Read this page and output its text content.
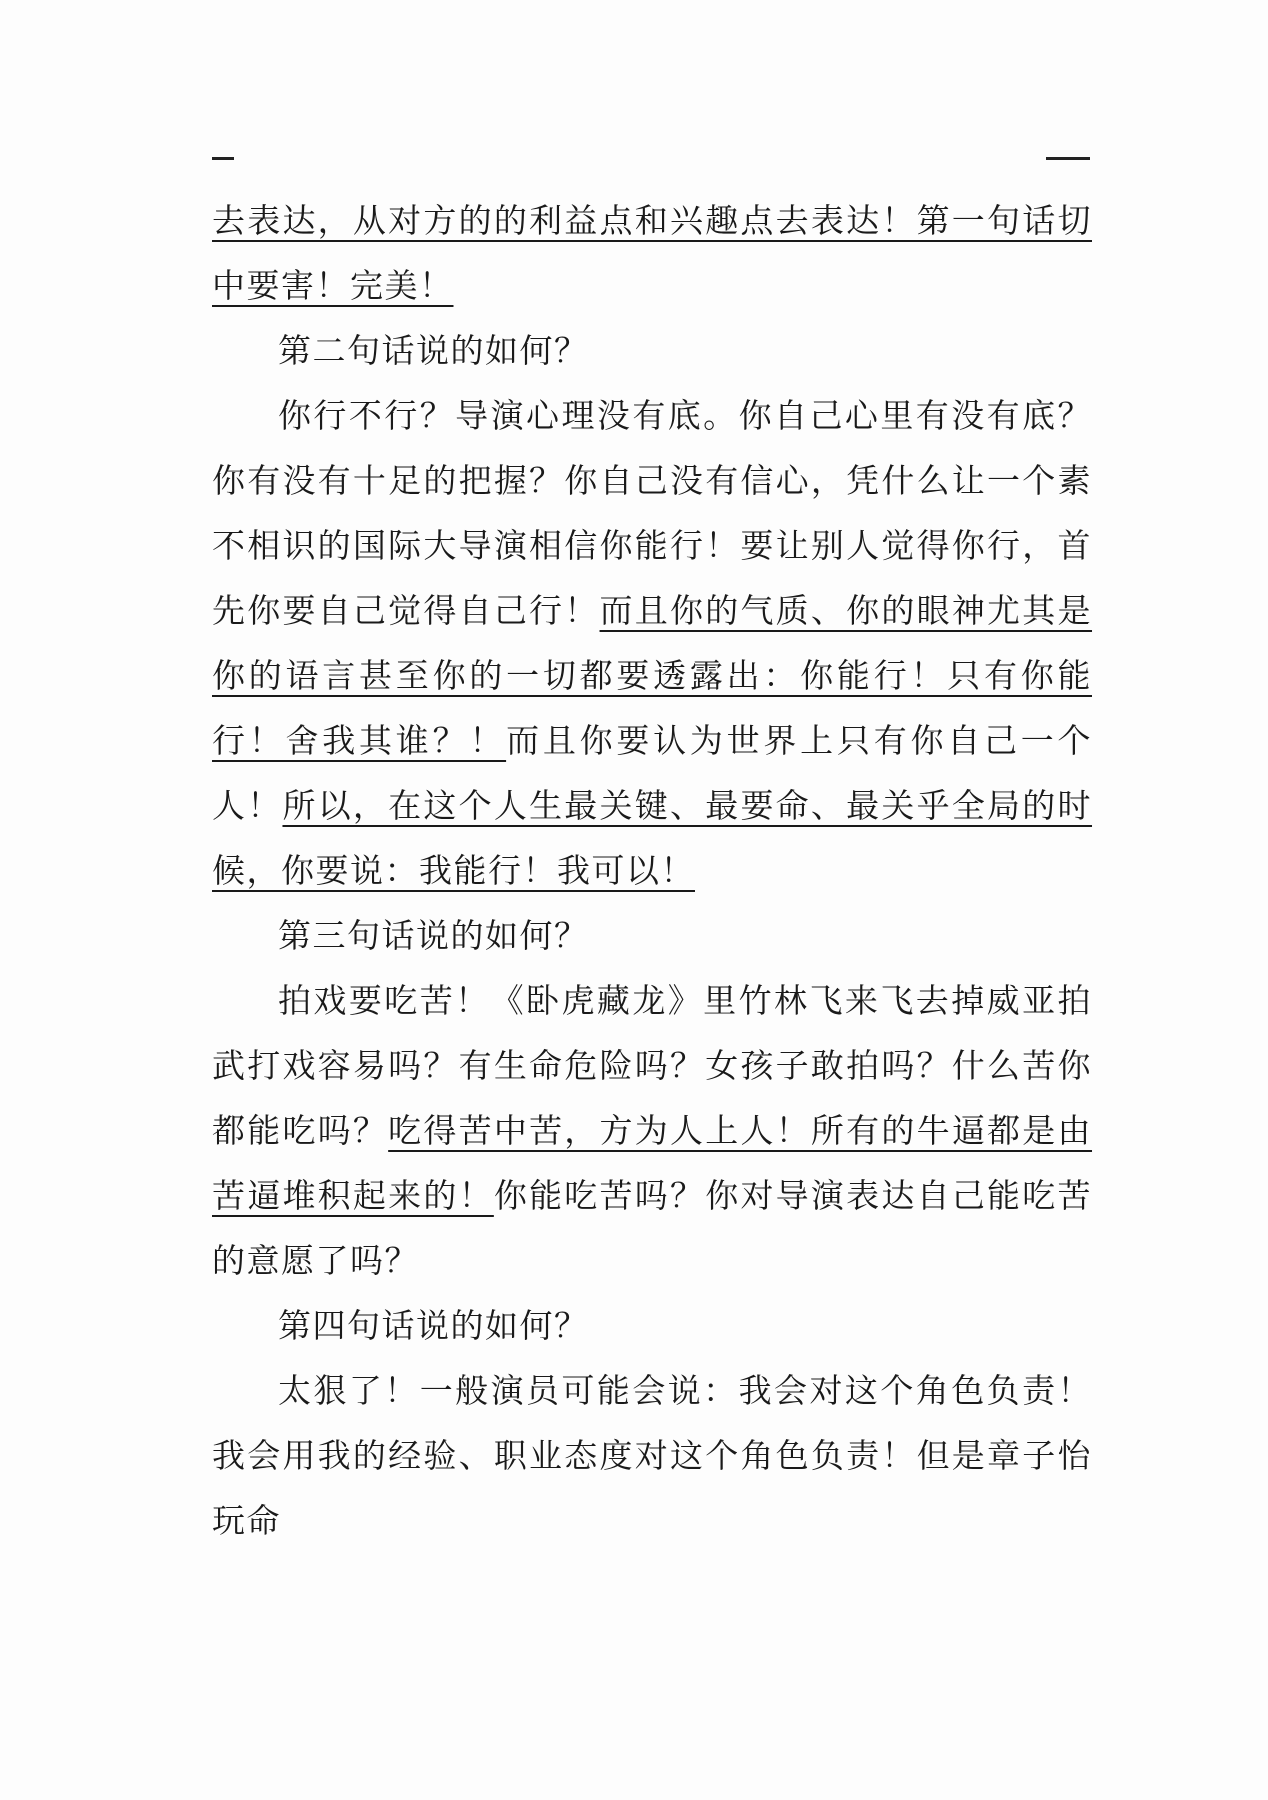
去表达，从对方的的利益点和兴趣点去表达！第一句话切中要害！完美！

第二句话说的如何？

你行不行？导演心理没有底。你自己心里有没有底？你有没有十足的把握？你自己没有信心，凭什么让一个素不相识的国际大导演相信你能行！要让别人觉得你行，首先你要自己觉得自己行！而且你的气质、你的眼神尤其是你的语言甚至你的一切都要透露出：你能行！只有你能行！舍我其谁？！而且你要认为世界上只有你自己一个人！所以，在这个人生最关键、最要命、最关乎全局的时候，你要说：我能行！我可以！

第三句话说的如何？

拍戏要吃苦！《卧虎藏龙》里竹林飞来飞去掉威亚拍武打戏容易吗？有生命危险吗？女孩子敢拍吗？什么苦你都能吃吗？吃得苦中苦，方为人上人！所有的牛逼都是由苦逼堆积起来的！你能吃苦吗？你对导演表达自己能吃苦的意愿了吗？

第四句话说的如何？

太狠了！一般演员可能会说：我会对这个角色负责！我会用我的经验、职业态度对这个角色负责！但是章子怡玩命
